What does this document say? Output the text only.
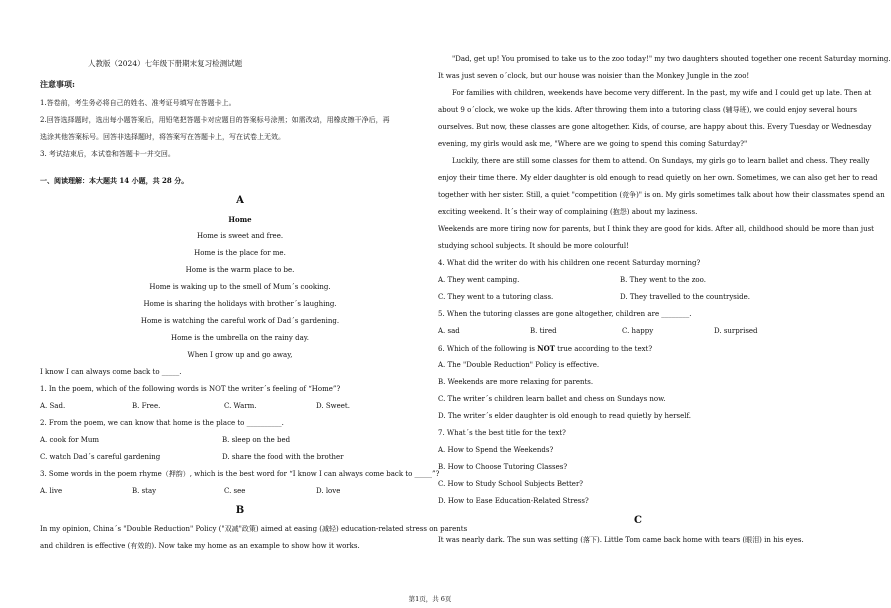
人教版（2024）七年级下册期末复习检测试题
注意事项:
1.答卷前，考生务必将自己的姓名、准考证号填写在答题卡上。
2.回答选择题时，选出每小题答案后，用铅笔把答题卡对应题目的答案标号涂黑；如需改动，用橡皮擦干净后，再
选涂其他答案标号。回答非选择题时，将答案写在答题卡上，写在试卷上无效。
3. 考试结束后，本试卷和答题卡一并交回。
一、阅读理解：本大题共 14 小题，共 28 分。
A
Home
Home is sweet and free.
Home is the place for me.
Home is the warm place to be.
Home is waking up to the smell of Mum´s cooking.
Home is sharing the holidays with brother´s laughing.
Home is watching the careful work of Dad´s gardening.
Home is the umbrella on the rainy day.
When I grow up and go away,
I know I can always come back to _____.
1. In the poem, which of the following words is NOT the writer´s feeling of “Home”?
A. Sad.	B. Free.	C. Warm.	D. Sweet.
2. From the poem, we can know that home is the place to __________.
A. cook for Mum	B. sleep on the bed
C. watch Dad´s careful gardening	D. share the food with the brother
3. Some words in the poem rhyme（押韵）, which is the best word for “I know I can always come back to _____”?
A. live	B. stay	C. see	D. love
B
In my opinion, China´s "Double Reduction" Policy ("双减"政策) aimed at easing (减轻) education-related stress on parents
and children is effective (有效的). Now take my home as an example to show how it works.
"Dad, get up! You promised to take us to the zoo today!" my two daughters shouted together one recent Saturday morning.
It was just seven o´clock, but our house was noisier than the Monkey Jungle in the zoo!
For families with children, weekends have become very different. In the past, my wife and I could get up late. Then at
about 9 o´clock, we woke up the kids. After throwing them into a tutoring class (辅导班), we could enjoy several hours
ourselves. But now, these classes are gone altogether. Kids, of course, are happy about this. Every Tuesday or Wednesday
evening, my girls would ask me, "Where are we going to spend this coming Saturday?"
Luckily, there are still some classes for them to attend. On Sundays, my girls go to learn ballet and chess. They really
enjoy their time there. My elder daughter is old enough to read quietly on her own. Sometimes, we can also get her to read
together with her sister. Still, a quiet "competition (竞争)" is on. My girls sometimes talk about how their classmates spend an
exciting weekend. It´s their way of complaining (抱怨) about my laziness.
Weekends are more tiring now for parents, but I think they are good for kids. After all, childhood should be more than just
studying school subjects. It should be more colourful!
4. What did the writer do with his children one recent Saturday morning?
A. They went camping.	B. They went to the zoo.
C. They went to a tutoring class.	D. They travelled to the countryside.
5. When the tutoring classes are gone altogether, children are ________.
A. sad	B. tired	C. happy	D. surprised
6. Which of the following is NOT true according to the text?
A. The "Double Reduction" Policy is effective.
B. Weekends are more relaxing for parents.
C. The writer´s children learn ballet and chess on Sundays now.
D. The writer´s elder daughter is old enough to read quietly by herself.
7. What´s the best title for the text?
A. How to Spend the Weekends?
B. How to Choose Tutoring Classes?
C. How to Study School Subjects Better?
D. How to Ease Education-Related Stress?
C
It was nearly dark. The sun was setting (落下). Little Tom came back home with tears (眼泪) in his eyes.
第1页，共 6页
